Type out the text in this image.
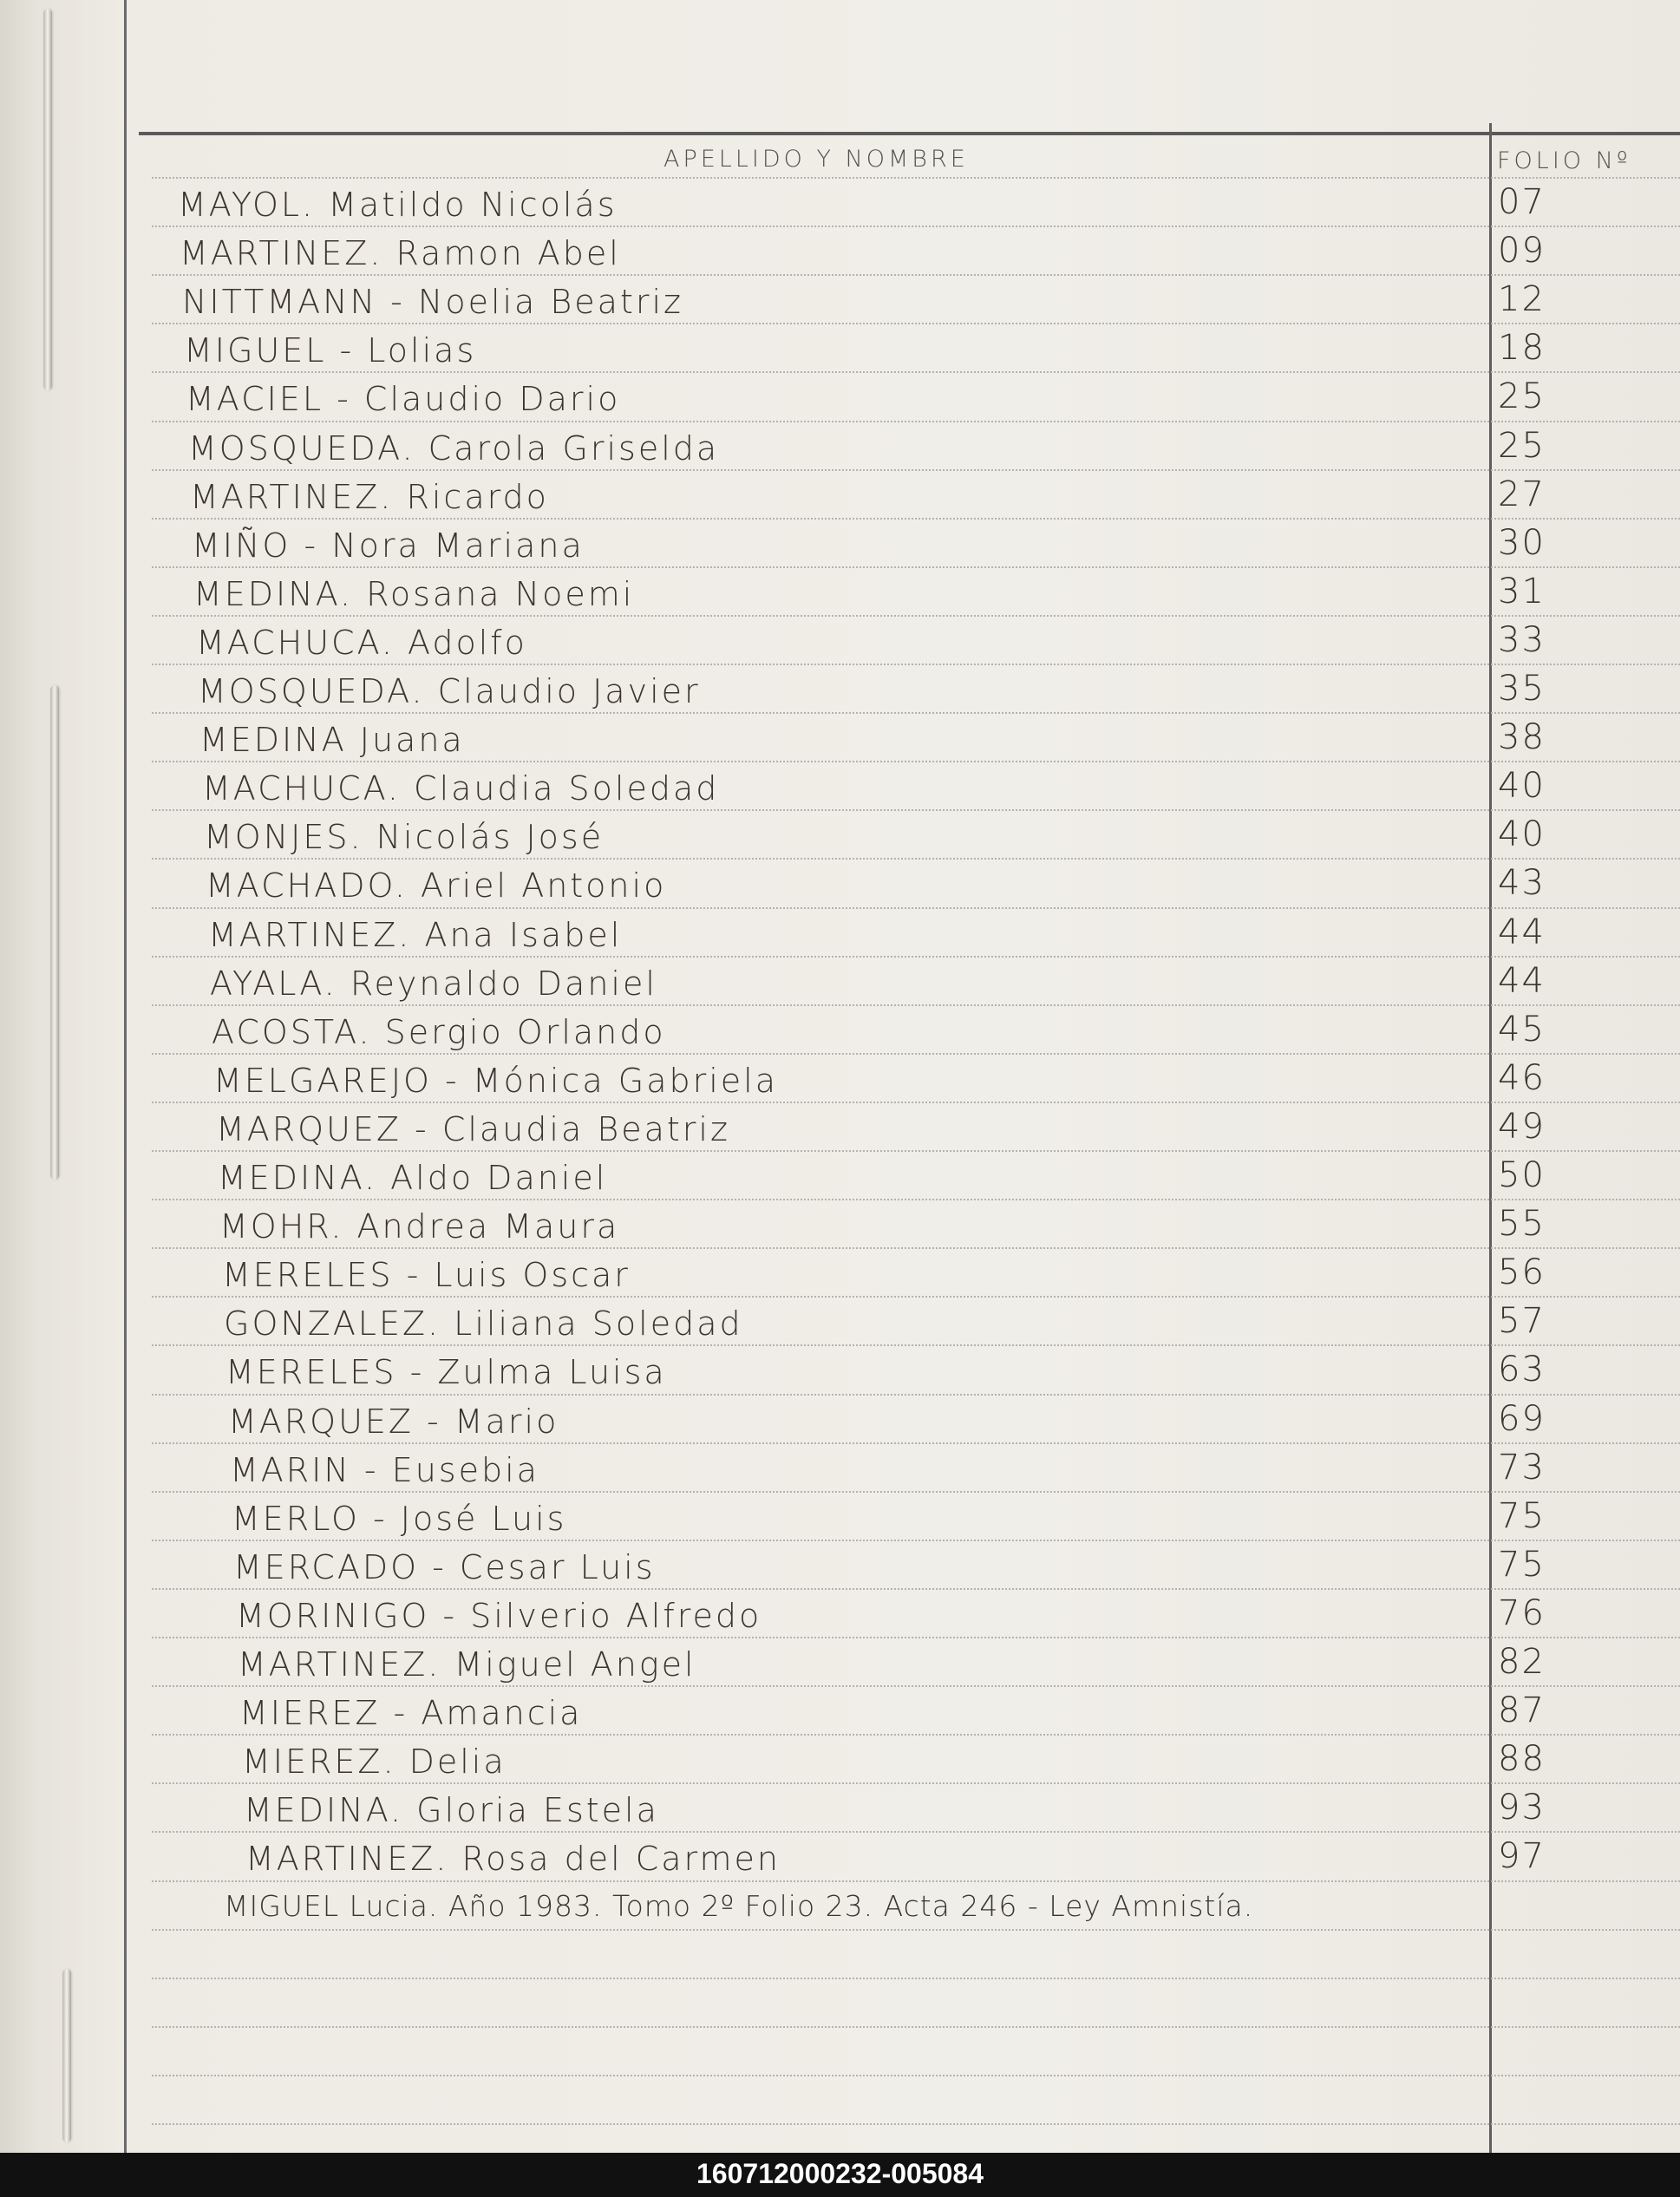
APELLIDO Y NOMBRE	FOLIO Nº
MAYOL. Matildo Nicolás	07
MARTINEZ. Ramon Abel	09
NITTMANN - Noelia Beatriz	12
MIGUEL - Lolias	18
MACIEL - Claudio Dario	25
MOSQUEDA. Carola Griselda	25
MARTINEZ. Ricardo	27
MIÑO - Nora Mariana	30
MEDINA. Rosana Noemi	31
MACHUCA. Adolfo	33
MOSQUEDA. Claudio Javier	35
MEDINA Juana	38
MACHUCA. Claudia Soledad	40
MONJES. Nicolás José	40
MACHADO. Ariel Antonio	43
MARTINEZ. Ana Isabel	44
AYALA. Reynaldo Daniel	44
ACOSTA. Sergio Orlando	45
MELGAREJO - Mónica Gabriela	46
MARQUEZ - Claudia Beatriz	49
MEDINA. Aldo Daniel	50
MOHR. Andrea Maura	55
MERELES - Luis Oscar	56
GONZALEZ. Liliana Soledad	57
MERELES - Zulma Luisa	63
MARQUEZ - Mario	69
MARIN - Eusebia	73
MERLO - José Luis	75
MERCADO - Cesar Luis	75
MORINIGO - Silverio Alfredo	76
MARTINEZ. Miguel Angel	82
MIEREZ - Amancia	87
MIEREZ. Delia	88
MEDINA. Gloria Estela	93
MARTINEZ. Rosa del Carmen	97
MIGUEL Lucia. Año 1983. Tomo 2º Folio 23. Acta 246 - Ley Amnistía.
160712000232-005084
